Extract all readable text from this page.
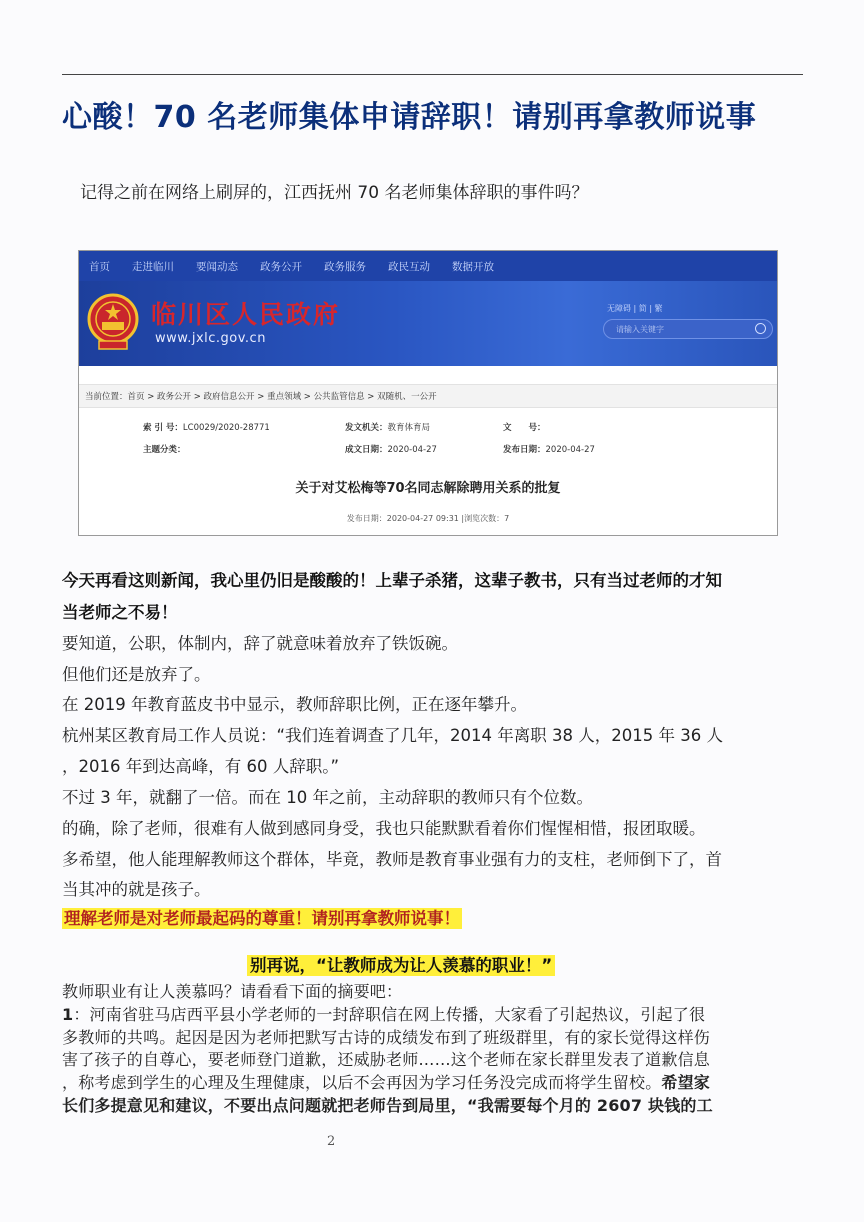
心酸！70 名老师集体申请辞职！请别再拿教师说事
记得之前在网络上刷屏的，江西抚州 70 名老师集体辞职的事件吗？
首页	走进临川	要闻动态	政务公开	政务服务	政民互动	数据开放
临川区人民政府
www.jxlc.gov.cn
无障碍 | 简 | 繁
请输入关键字
当前位置：首页 > 政务公开 > 政府信息公开 > 重点领域 > 公共监管信息 > 双随机、一公开
索 引 号：LC0029/2020-28771	发文机关：教育体育局	文　　号：
主题分类：	成文日期：2020-04-27	发布日期：2020-04-27
关于对艾松梅等70名同志解除聘用关系的批复
发布日期：2020-04-27 09:31 |浏览次数：7
今天再看这则新闻，我心里仍旧是酸酸的！上辈子杀猪，这辈子教书，只有当过老师的才知
当老师之不易！
要知道，公职，体制内，辞了就意味着放弃了铁饭碗。
但他们还是放弃了。
在 2019 年教育蓝皮书中显示，教师辞职比例，正在逐年攀升。
杭州某区教育局工作人员说：“我们连着调查了几年，2014 年离职 38 人，2015 年 36 人
，2016 年到达高峰，有 60 人辞职。”
不过 3 年，就翻了一倍。而在 10 年之前，主动辞职的教师只有个位数。
的确，除了老师，很难有人做到感同身受，我也只能默默看着你们惺惺相惜，报团取暖。
多希望，他人能理解教师这个群体，毕竟，教师是教育事业强有力的支柱，老师倒下了，首
当其冲的就是孩子。
理解老师是对老师最起码的尊重！请别再拿教师说事！
别再说，“让教师成为让人羡慕的职业！”
教师职业有让人羡慕吗？请看看下面的摘要吧：
1：河南省驻马店西平县小学老师的一封辞职信在网上传播，大家看了引起热议，引起了很
多教师的共鸣。起因是因为老师把默写古诗的成绩发布到了班级群里，有的家长觉得这样伤
害了孩子的自尊心，要老师登门道歉，还威胁老师……这个老师在家长群里发表了道歉信息
，称考虑到学生的心理及生理健康，以后不会再因为学习任务没完成而将学生留校。希望家
长们多提意见和建议，不要出点问题就把老师告到局里，“我需要每个月的 2607 块钱的工
2
